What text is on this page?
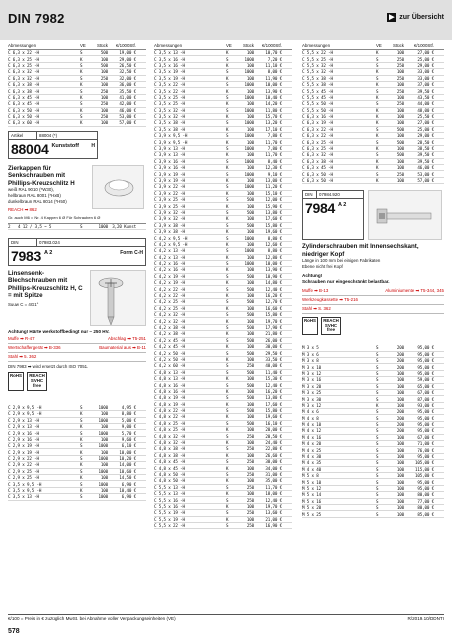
DIN 7982	▶ zur Übersicht
Abmessungen	VE	Stück	€/1000Stf.
C 6,3 x 22 -H	S	500	19,00 €
C 6,3 x 25 -H	K	100	29,00 €
C 6,3 x 25 -H	S	500	26,50 €
C 6,3 x 32 -H	K	100	32,50 €
C 6,3 x 32 -H	S	250	32,00 €
C 6,3 x 38 -H	K	100	36,00 €
C 6,3 x 38 -H	S	250	35,50 €
C 6,3 x 45 -H	K	100	41,00 €
C 6,3 x 45 -H	S	250	42,00 €
C 6,3 x 50 -H	K	100	46,00 €
C 6,3 x 50 -H	S	250	53,00 €
C 6,3 x 60 -H	K	100	57,00 €
Artikel	88004 (*)
88004 Kunststoff	H
Zierkappen für Senkschrauben mit Phillips-Kreuzschlitz H
weiß RAL 9010 (*W30),
hellbraun RAL 8001 (*HxB)
dunkelbraun RAL 8014 (*H50)
REACH ➡ 862
Gr. auch M6 = Nr. 4 Kappen 6 Ø Für Schrauben 6 Ø
2	4 12 / 3,5 ~ 5	S	1000	3,20 Kunst
DIN	07983.024
7983 A 2	Form C-H
Linsensenk-Blechschrauben mit Phillips-Kreuzschlitz H, C = mit Spitze
Suuw C = 4G1°
Achtung! Härte werkstoffbedingt nur ~ 250 HV.
Muffe ➡ R-47	Abschlag ➡ T5-251
Wertschaffergerät ➡ B-336	Baumaterial aus ➡ B-11
Stahl ➡ 5. 362
DIN 7983 ➡ wird ersetzt durch ISO 7051.
RoHS	REACH SVHC free
C 2,9 x 9,5 -H	S	1000	4,95 €
C 2,9 x 9,5 -H	K	100	8,80 €
C 2,9 x 13 -H	S	1000	5,00 €
C 2,9 x 13 -H	K	100	9,00 €
C 2,9 x 16 -H	S	1000	5,70 €
C 2,9 x 16 -H	K	100	9,60 €
C 2,9 x 19 -H	S	1000	6,10 €
C 2,9 x 19 -H	K	100	10,00 €
C 2,9 x 22 -H	S	1000	10,20 €
C 2,9 x 22 -H	K	100	14,00 €
C 2,9 x 25 -H	S	1000	10,60 €
C 2,9 x 25 -H	K	100	14,50 €
C 3,5 x 9,5 -H	S	1000	6,90 €
C 3,5 x 9,5 -H	K	100	10,40 €
C 3,5 x 13 -H	S	1000	6,90 €
Abmessungen	VE	Stück	€/1000Stf.
C 3,5 x 13 -H	K	100	10,70 €
C 3,5 x 16 -H	S	1000	7,20 €
C 3,5 x 16 -H	K	100	11,10 €
C 3,5 x 19 -H	S	1000	8,00 €
C 3,5 x 19 -H	K	100	11,90 €
C 3,5 x 22 -H	S	1000	10,00 €
C 3,5 x 22 -H	K	100	13,90 €
C 3,5 x 25 -H	S	1000	10,40 €
C 3,5 x 25 -H	K	100	14,20 €
C 3,5 x 32 -H	S	1000	11,80 €
C 3,5 x 32 -H	K	100	15,70 €
C 3,5 x 38 -H	S	1000	13,20 €
C 3,5 x 38 -H	K	100	17,10 €
C 3,9 x 9,5 -H	S	1000	7,80 €
C 3,9 x 9,5 -H	K	100	11,70 €
C 3,9 x 13 -H	S	1000	7,80 €
C 3,9 x 13 -H	K	100	11,70 €
C 3,9 x 16 -H	S	1000	8,40 €
C 3,9 x 16 -H	K	100	12,30 €
C 3,9 x 19 -H	S	1000	9,10 €
C 3,9 x 19 -H	K	100	13,00 €
C 3,9 x 22 -H	S	1000	11,20 €
C 3,9 x 22 -H	K	100	15,10 €
C 3,9 x 25 -H	S	500	12,00 €
C 3,9 x 25 -H	K	100	15,90 €
C 3,9 x 32 -H	S	500	13,80 €
C 3,9 x 32 -H	K	100	17,60 €
C 3,9 x 38 -H	S	500	15,80 €
C 3,9 x 38 -H	K	100	19,60 €
C 4,2 x 9,5 -H	S	1000	8,80 €
C 4,2 x 9,5 -H	K	100	12,60 €
C 4,2 x 13 -H	S	1000	8,80 €
C 4,2 x 13 -H	K	100	12,80 €
C 4,2 x 16 -H	S	1000	10,00 €
C 4,2 x 16 -H	K	100	13,90 €
C 4,2 x 19 -H	S	500	10,90 €
C 4,2 x 19 -H	K	100	14,80 €
C 4,2 x 22 -H	S	500	12,40 €
C 4,2 x 22 -H	K	100	16,20 €
C 4,2 x 25 -H	S	500	12,70 €
C 4,2 x 25 -H	K	100	16,60 €
C 4,2 x 32 -H	S	500	15,80 €
C 4,2 x 32 -H	K	100	19,70 €
C 4,2 x 38 -H	S	500	17,90 €
C 4,2 x 38 -H	K	100	21,80 €
C 4,2 x 45 -H	S	500	26,00 €
C 4,2 x 45 -H	K	100	30,00 €
C 4,2 x 50 -H	S	500	29,50 €
C 4,2 x 50 -H	K	100	33,50 €
C 4,2 x 60 -H	S	250	40,00 €
C 4,8 x 13 -H	S	500	11,40 €
C 4,8 x 13 -H	K	100	15,30 €
C 4,8 x 16 -H	S	500	12,40 €
C 4,8 x 16 -H	K	100	16,20 €
C 4,8 x 19 -H	S	500	13,80 €
C 4,8 x 19 -H	K	100	17,60 €
C 4,8 x 22 -H	S	500	15,80 €
C 4,8 x 22 -H	K	100	19,60 €
C 4,8 x 25 -H	S	500	16,10 €
C 4,8 x 25 -H	K	100	20,00 €
C 4,8 x 32 -H	S	250	20,50 €
C 4,8 x 32 -H	K	100	24,40 €
C 4,8 x 38 -H	S	250	22,80 €
C 4,8 x 38 -H	K	100	26,60 €
C 4,8 x 45 -H	S	250	30,00 €
C 4,8 x 45 -H	K	100	34,00 €
C 4,8 x 50 -H	S	250	31,00 €
C 4,8 x 50 -H	K	100	35,00 €
C 5,5 x 13 -H	S	250	11,70 €
C 5,5 x 13 -H	K	100	18,00 €
C 5,5 x 16 -H	S	250	12,40 €
C 5,5 x 16 -H	K	100	19,70 €
C 5,5 x 19 -H	S	250	13,60 €
C 5,5 x 19 -H	K	100	21,00 €
C 5,5 x 22 -H	S	250	16,90 €
Abmessungen	VE	Stück	€/1000Stf.
C 5,5 x 22 -H	K	100	27,00 €
C 5,5 x 25 -H	S	250	25,00 €
C 5,5 x 32 -H	S	250	29,00 €
C 5,5 x 32 -H	K	100	33,00 €
C 5,5 x 38 -H	S	250	33,00 €
C 5,5 x 38 -H	K	100	37,00 €
C 5,5 x 45 -H	S	250	39,50 €
C 5,5 x 45 -H	K	100	43,50 €
C 5,5 x 50 -H	S	250	44,00 €
C 5,5 x 50 -H	K	100	48,00 €
C 6,3 x 16 -H	K	100	25,50 €
C 6,3 x 19 -H	K	100	27,00 €
C 6,3 x 22 -H	S	500	25,00 €
C 6,3 x 22 -H	K	100	29,00 €
C 6,3 x 25 -H	S	500	28,50 €
C 6,3 x 25 -H	K	100	38,50 €
C 6,3 x 32 -H	S	500	39,50 €
C 6,3 x 38 -H	K	100	39,50 €
C 6,3 x 45 -H	K	100	46,00 €
C 6,3 x 50 -H	S	250	53,00 €
C 6,3 x 50 -H	K	100	57,00 €
DIN	07984.920
7984 A 2
Zylinderschrauben mit Innensechskant, niedriger Kopf
Länge in 100 mm bei einigen Fabrikaten
Ebene nicht frei Kopf
Achtung!
Schrauben nur eingeschränkt belastbar.
Muffe ➡ B-13	Aluminiumente ➡ T5-344, 345
Werkzeugkassette ➡ T5-216
Stahl ➡ S. 362
RoHS	REACH SVHC free
M 3 x 5	S	200	95,00 €
M 3 x 6	S	200	95,00 €
M 3 x 8	S	200	95,00 €
M 3 x 10	S	200	95,00 €
M 3 x 12	S	100	95,00 €
M 3 x 16	S	100	59,00 €
M 3 x 20	S	100	65,00 €
M 3 x 25	S	100	67,00 €
M 3 x 30	S	100	87,00 €
M 3 x 12	K	100	93,00 €
M 4 x 6	S	200	95,00 €
M 4 x 8	S	200	95,00 €
M 4 x 10	S	200	95,00 €
M 4 x 12	S	200	95,00 €
M 4 x 16	S	100	67,00 €
M 4 x 20	S	100	71,00 €
M 4 x 25	S	100	76,00 €
M 4 x 30	S	100	95,00 €
M 4 x 35	S	100	105,00 €
M 4 x 40	S	100	115,00 €
M 5 x 8	S	100	105,00 €
M 5 x 10	S	100	95,00 €
M 5 x 12	S	100	95,00 €
M 5 x 14	S	100	80,00 €
M 5 x 16	S	100	77,00 €
M 5 x 20	S	100	80,00 €
M 5 x 25	S	100	85,00 €
€/100 = Preis in € zuzüglich MwSt. bei Abnahme voller Verpackungseinheiten (VE)	R/2019.10/DDNTI
578
